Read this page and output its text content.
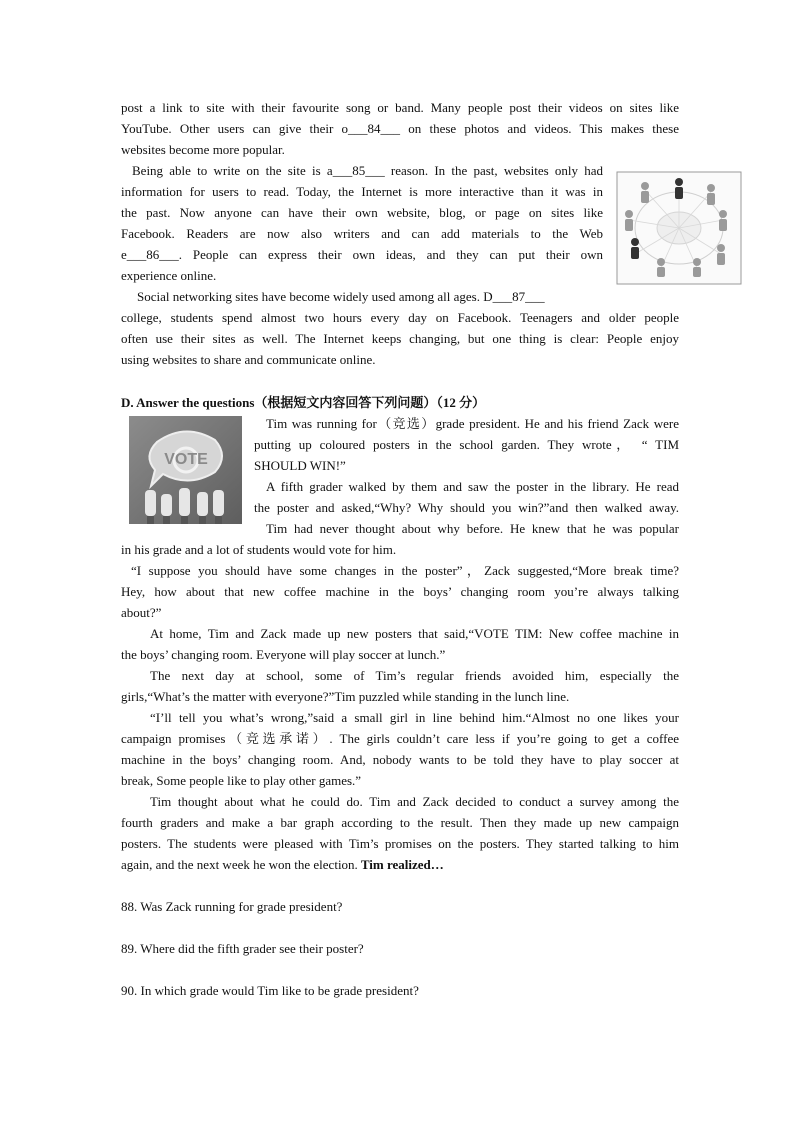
post a link to site with their favourite song or band. Many people post their videos on sites like
YouTube. Other users can give their o___84___ on these photos and videos. This makes these
websites become more popular.
Being able to write on the site is a___85___ reason. In the past, websites only had
information for users to read. Today, the Internet is more interactive than it was in
the past. Now anyone can have their own website, blog, or page on sites like
Facebook. Readers are now also writers and can add materials to the Web
e___86___. People can express their own ideas, and they can put their own
experience online.
Social networking sites have become widely used among all ages. D___87___
college, students spend almost two hours every day on Facebook. Teenagers and older people
often use their sites as well. The Internet keeps changing, but one thing is clear: People enjoy
using websites to share and communicate online.
D. Answer the questions（根据短文内容回答下列问题）（12 分）
VOTE
Tim was running for（竞选）grade president. He and his friend Zack were
putting up coloured posters in the school garden. They wrote， “ TIM
SHOULD WIN!”
A fifth grader walked by them and saw the poster in the library. He read
the poster and asked,“Why? Why should you win?”and then walked away.
Tim had never thought about why before. He knew that he was popular
in his grade and a lot of students would vote for him.
“I suppose you should have some changes in the poster”，Zack suggested,“More break time?
Hey, how about that new coffee machine in the boys’ changing room you’re always talking
about?”
At home, Tim and Zack made up new posters that said,“VOTE TIM: New coffee machine in
the boys’ changing room. Everyone will play soccer at lunch.”
The next day at school, some of Tim’s regular friends avoided him, especially the
girls,“What’s the matter with everyone?”Tim puzzled while standing in the lunch line.
“I’ll tell you what’s wrong,”said a small girl in line behind him.“Almost no one likes your
campaign promises（竞选承诺）. The girls couldn’t care less if you’re going to get a coffee
machine in the boys’ changing room. And, nobody wants to be told they have to play soccer at
break, Some people like to play other games.”
Tim thought about what he could do. Tim and Zack decided to conduct a survey among the
fourth graders and make a bar graph according to the result. Then they made up new campaign
posters. The students were pleased with Tim’s promises on the posters. They started talking to him
again, and the next week he won the election. Tim realized…
88. Was Zack running for grade president?
89. Where did the fifth grader see their poster?
90. In which grade would Tim like to be grade president?
